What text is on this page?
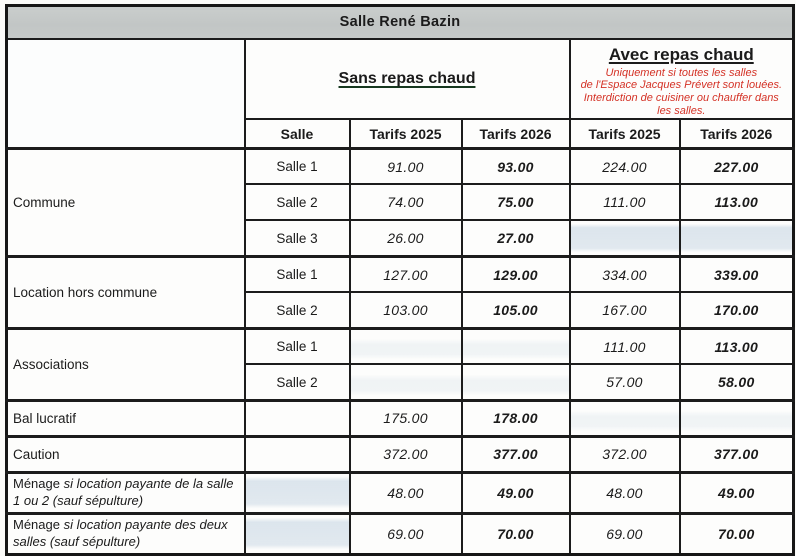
Salle René Bazin					
	Sans repas chaud			Avec repas chaud
Uniquement si toutes les salles
de l'Espace Jacques Prévert sont louées.
Interdiction de cuisiner ou chauffer dans
les salles.	

	Salle	Tarifs 2025	Tarifs 2026	Tarifs 2025	Tarifs 2026
Commune	Salle 1	91.00	93.00	224.00	227.00
	Salle 2	74.00	75.00	111.00	113.00
	Salle 3	26.00	27.00		
Location hors commune	Salle 1	127.00	129.00	334.00	339.00
	Salle 2	103.00	105.00	167.00	170.00
Associations	Salle 1			111.00	113.00
	Salle 2			57.00	58.00
Bal lucratif		175.00	178.00		
Caution		372.00	377.00	372.00	377.00
Ménage si location payante de la salle 1 ou 2 (sauf sépulture)		48.00	49.00	48.00	49.00
Ménage si location payante des deux salles (sauf sépulture)		69.00	70.00	69.00	70.00
